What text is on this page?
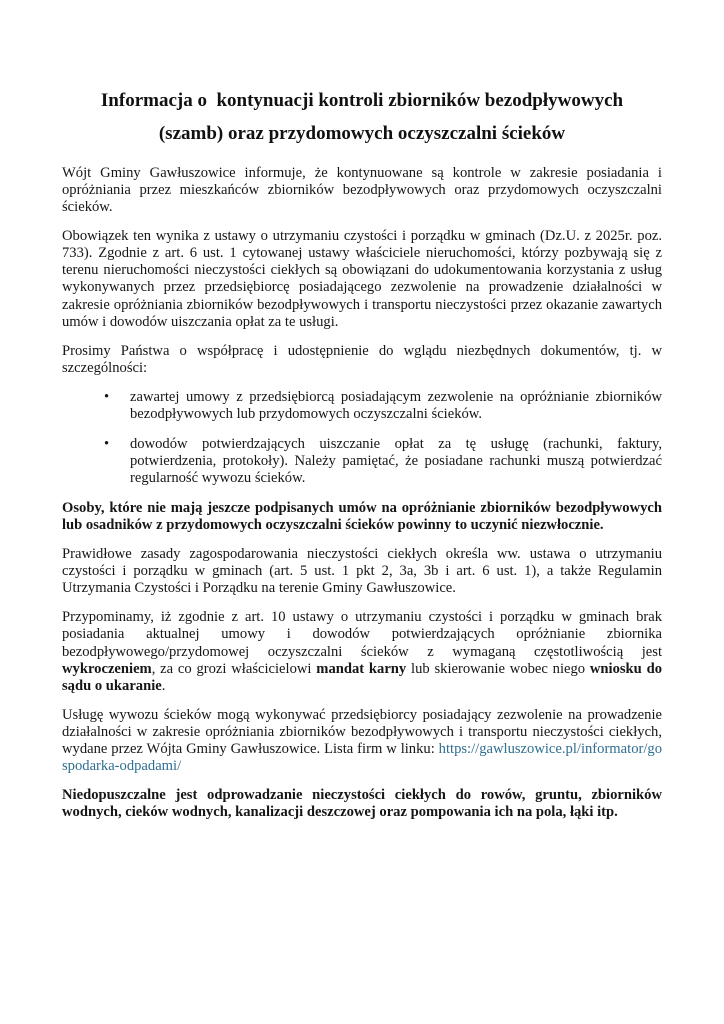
Informacja o  kontynuacji kontroli zbiorników bezodpływowych
(szamb) oraz przydomowych oczyszczalni ścieków

Wójt Gminy Gawłuszowice informuje, że kontynuowane są kontrole w zakresie posiadania i opróżniania przez mieszkańców zbiorników bezodpływowych oraz przydomowych oczyszczalni ścieków.

Obowiązek ten wynika z ustawy o utrzymaniu czystości i porządku w gminach (Dz.U. z 2025r. poz. 733). Zgodnie z art. 6 ust. 1 cytowanej ustawy właściciele nieruchomości, którzy pozbywają się z terenu nieruchomości nieczystości ciekłych są obowiązani do udokumentowania korzystania z usług wykonywanych przez przedsiębiorcę posiadającego zezwolenie na prowadzenie działalności w zakresie opróżniania zbiorników bezodpływowych i transportu nieczystości przez okazanie zawartych umów i dowodów uiszczania opłat za te usługi.

Prosimy Państwa o współpracę i udostępnienie do wglądu niezbędnych dokumentów, tj. w szczególności:

• zawartej umowy z przedsiębiorcą posiadającym zezwolenie na opróżnianie zbiorników bezodpływowych lub przydomowych oczyszczalni ścieków.
• dowodów potwierdzających uiszczanie opłat za tę usługę (rachunki, faktury, potwierdzenia, protokoły). Należy pamiętać, że posiadane rachunki muszą potwierdzać regularność wywozu ścieków.

Osoby, które nie mają jeszcze podpisanych umów na opróżnianie zbiorników bezodpływowych lub osadników z przydomowych oczyszczalni ścieków powinny to uczynić niezwłocznie.

Prawidłowe zasady zagospodarowania nieczystości ciekłych określa ww. ustawa o utrzymaniu czystości i porządku w gminach (art. 5 ust. 1 pkt 2, 3a, 3b i art. 6 ust. 1), a także Regulamin Utrzymania Czystości i Porządku na terenie Gminy Gawłuszowice.

Przypominamy, iż zgodnie z art. 10 ustawy o utrzymaniu czystości i porządku w gminach brak posiadania aktualnej umowy i dowodów potwierdzających opróżnianie zbiornika bezodpływowego/przydomowej oczyszczalni ścieków z wymaganą częstotliwością jest wykroczeniem, za co grozi właścicielowi mandat karny lub skierowanie wobec niego wniosku do sądu o ukaranie.

Usługę wywozu ścieków mogą wykonywać przedsiębiorcy posiadający zezwolenie na prowadzenie działalności w zakresie opróżniania zbiorników bezodpływowych i transportu nieczystości ciekłych, wydane przez Wójta Gminy Gawłuszowice. Lista firm w linku: https://gawluszowice.pl/informator/gospodarka-odpadami/

Niedopuszczalne jest odprowadzanie nieczystości ciekłych do rowów, gruntu, zbiorników wodnych, cieków wodnych, kanalizacji deszczowej oraz pompowania ich na pola, łąki itp.
